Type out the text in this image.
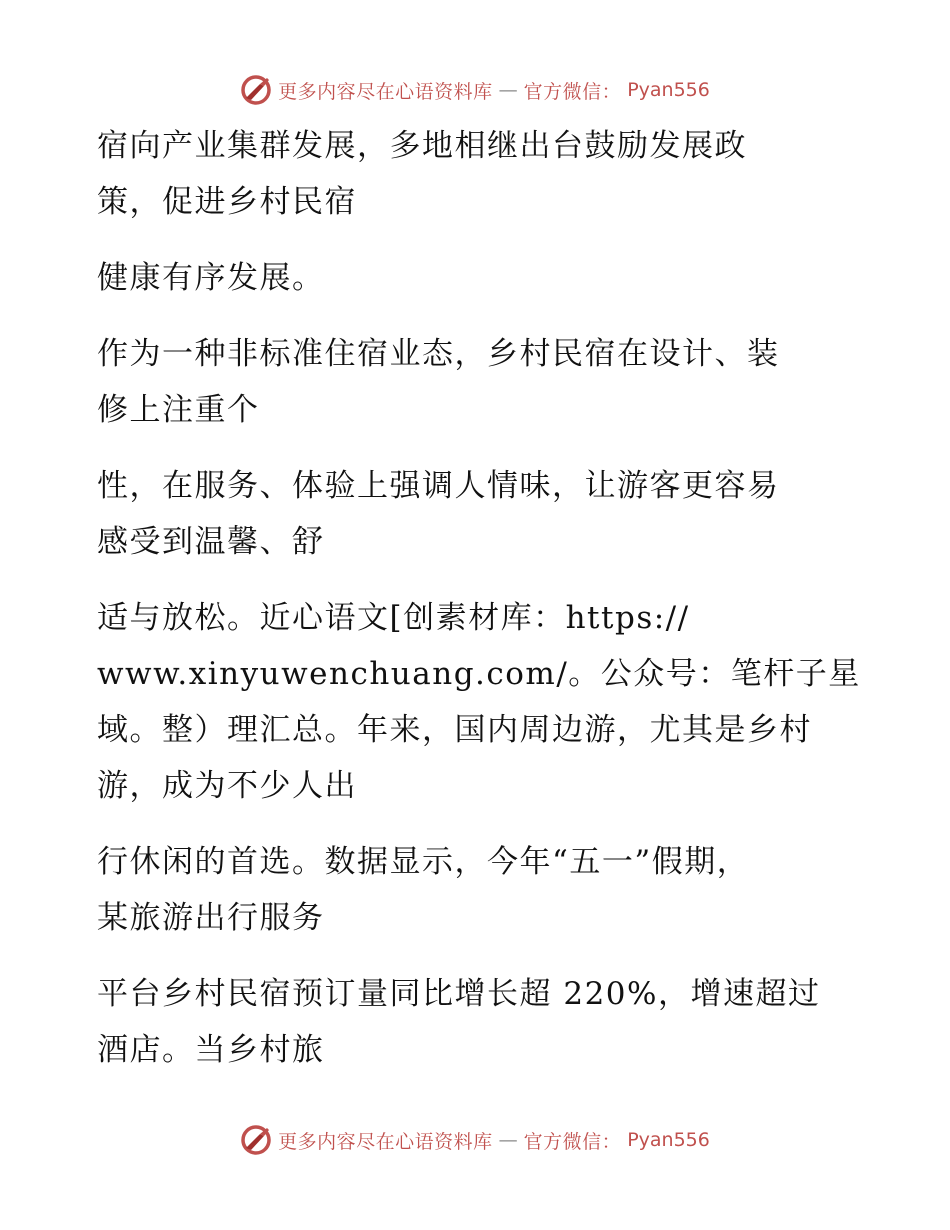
更多内容尽在心语资料库 — 官方微信： Pyan556
宿向产业集群发展，多地相继出台鼓励发展政
策，促进乡村民宿
健康有序发展。
作为一种非标准住宿业态，乡村民宿在设计、装
修上注重个
性，在服务、体验上强调人情味，让游客更容易
感受到温馨、舒
适与放松。近心语文[创素材库：https://
www.xinyuwenchuang.com/。公众号：笔杆子星
域。整）理汇总。年来，国内周边游，尤其是乡村
游，成为不少人出
行休闲的首选。数据显示，今年“五一”假期，
某旅游出行服务
平台乡村民宿预订量同比增长超 220%，增速超过
酒店。当乡村旅
更多内容尽在心语资料库 — 官方微信： Pyan556
